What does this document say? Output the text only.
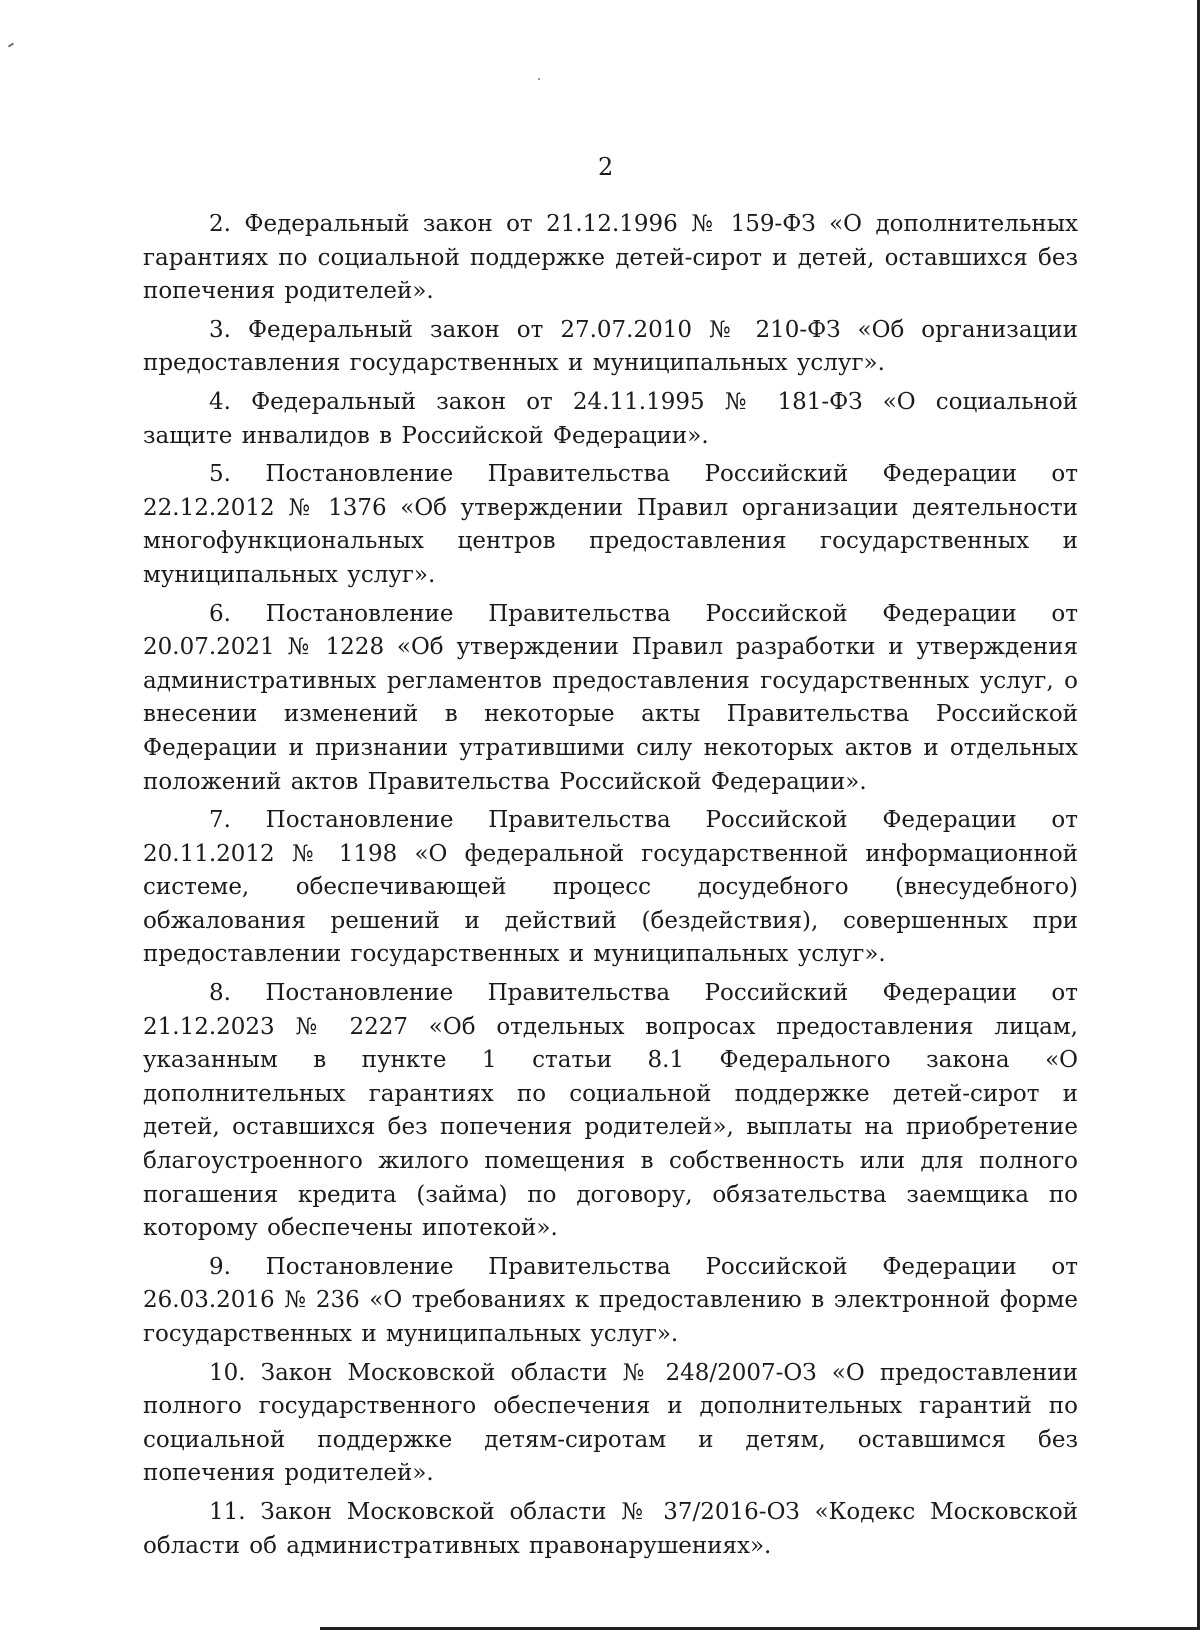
2

2. Федеральный закон от 21.12.1996 № 159-ФЗ «О дополнительных гарантиях по социальной поддержке детей-сирот и детей, оставшихся без попечения родителей».

3. Федеральный закон от 27.07.2010 № 210-ФЗ «Об организации предоставления государственных и муниципальных услуг».

4. Федеральный закон от 24.11.1995 № 181-ФЗ «О социальной защите инвалидов в Российской Федерации».

5. Постановление Правительства Российский Федерации от 22.12.2012 № 1376 «Об утверждении Правил организации деятельности многофункциональных центров предоставления государственных и муниципальных услуг».

6. Постановление Правительства Российской Федерации от 20.07.2021 № 1228 «Об утверждении Правил разработки и утверждения административных регламентов предоставления государственных услуг, о внесении изменений в некоторые акты Правительства Российской Федерации и признании утратившими силу некоторых актов и отдельных положений актов Правительства Российской Федерации».

7. Постановление Правительства Российской Федерации от 20.11.2012 № 1198 «О федеральной государственной информационной системе, обеспечивающей процесс досудебного (внесудебного) обжалования решений и действий (бездействия), совершенных при предоставлении государственных и муниципальных услуг».

8. Постановление Правительства Российский Федерации от 21.12.2023 № 2227 «Об отдельных вопросах предоставления лицам, указанным в пункте 1 статьи 8.1 Федерального закона «О дополнительных гарантиях по социальной поддержке детей-сирот и детей, оставшихся без попечения родителей», выплаты на приобретение благоустроенного жилого помещения в собственность или для полного погашения кредита (займа) по договору, обязательства заемщика по которому обеспечены ипотекой».

9. Постановление Правительства Российской Федерации от 26.03.2016 № 236 «О требованиях к предоставлению в электронной форме государственных и муниципальных услуг».

10. Закон Московской области № 248/2007-ОЗ «О предоставлении полного государственного обеспечения и дополнительных гарантий по социальной поддержке детям-сиротам и детям, оставшимся без попечения родителей».

11. Закон Московской области № 37/2016-ОЗ «Кодекс Московской области об административных правонарушениях».
